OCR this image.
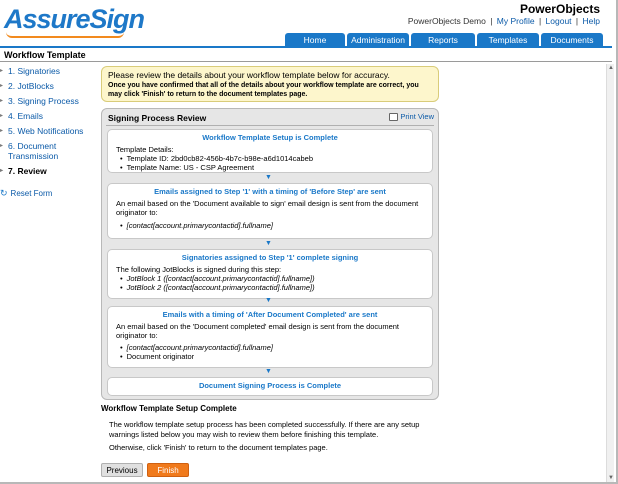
AssureSign	PowerObjects
PowerObjects Demo | My Profile | Logout | Help
Home	Administration	Reports	Templates	Documents
Workflow Template
▸ 1. Signatories
▸ 2. JotBlocks
▸ 3. Signing Process
▸ 4. Emails
▸ 5. Web Notifications
▸ 6. Document Transmission
▸ 7. Review
↻ Reset Form
▲
▼
Please review the details about your workflow template below for accuracy.
Once you have confirmed that all of the details about your workflow template are correct, you may click 'Finish' to return to the document templates page.
Signing Process Review	Print View
Workflow Template Setup is Complete
Template Details:
• Template ID: 2bd0cb82-456b-4b7c-b98e-a6d1014cabeb
• Template Name: US - CSP Agreement
▼
Emails assigned to Step '1' with a timing of 'Before Step' are sent
An email based on the 'Document available to sign' email design is sent from the document originator to:
• [contact[account.primarycontactid].fullname]
▼
Signatories assigned to Step '1' complete signing
The following JotBlocks is signed during this step:
• JotBlock 1 ([contact[account.primarycontactid].fullname])
• JotBlock 2 ([contact[account.primarycontactid].fullname])
▼
Emails with a timing of 'After Document Completed' are sent
An email based on the 'Document completed' email design is sent from the document originator to:
• [contact[account.primarycontactid].fullname]
• Document originator
▼
Document Signing Process is Complete
Workflow Template Setup Complete
The workflow template setup process has been completed successfully. If there are any setup warnings listed below you may wish to review them before finishing this template.
Otherwise, click 'Finish' to return to the document templates page.
Previous	Finish
